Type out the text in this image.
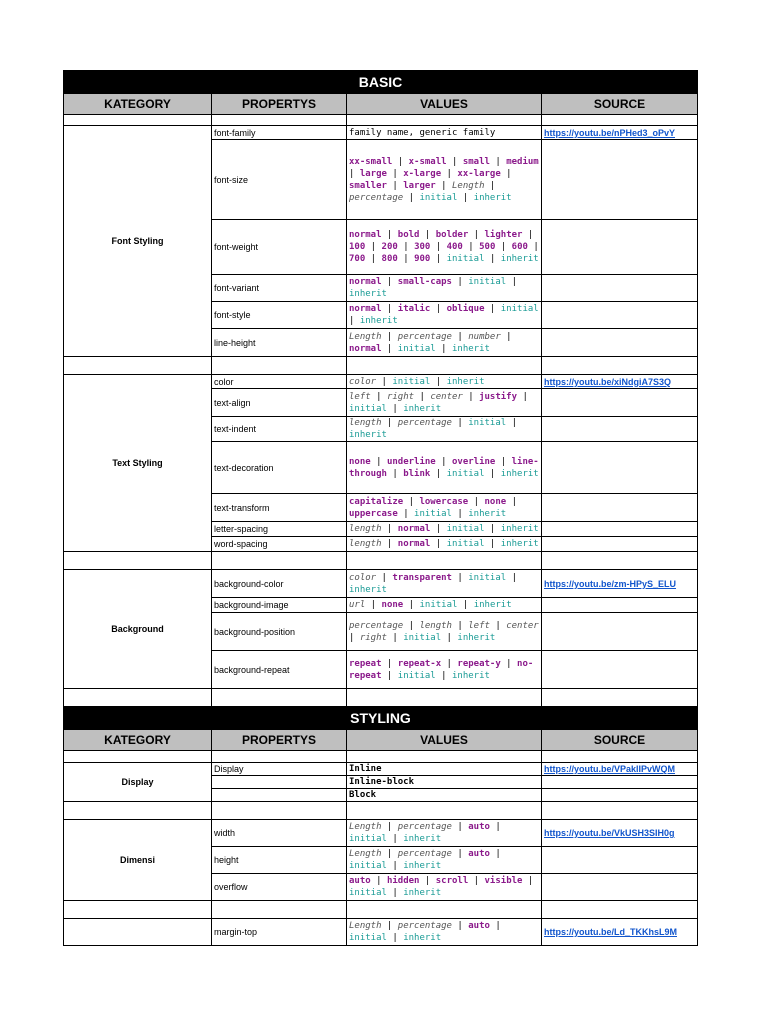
BASIC			
KATEGORY	PROPERTYS	VALUES	SOURCE

Font Styling	font-family	family name, generic family	https://youtu.be/nPHed3_oPvY
	font-size	xx-small | x-small | small | medium | large | x-large | xx-large | smaller | larger | Length | percentage | initial | inherit	
	font-weight	normal | bold | bolder | lighter | 100 | 200 | 300 | 400 | 500 | 600 | 700 | 800 | 900 | initial | inherit	
	font-variant	normal | small-caps | initial | inherit	
	font-style	normal | italic | oblique | initial | inherit	
	line-height	Length | percentage | number | normal | initial | inherit	

Text Styling	color	color | initial | inherit	https://youtu.be/xiNdgiA7S3Q
	text-align	left | right | center | justify | initial | inherit	
	text-indent	length | percentage | initial | inherit	
	text-decoration	none | underline | overline | line-through | blink | initial | inherit	
	text-transform	capitalize | lowercase | none | uppercase | initial | inherit	
	letter-spacing	length | normal | initial | inherit	
	word-spacing	length | normal | initial | inherit	

Background	background-color	color | transparent | initial | inherit	https://youtu.be/zm-HPyS_ELU
	background-image	url | none | initial | inherit	
	background-position	percentage | length | left | center | right | initial | inherit	
	background-repeat	repeat | repeat-x | repeat-y | no-repeat | initial | inherit	

STYLING			
KATEGORY	PROPERTYS	VALUES	SOURCE

Display	Display	Inline	https://youtu.be/VPaklIPvWQM
		Inline-block	
		Block	

Dimensi	width	Length | percentage | auto | initial | inherit	https://youtu.be/VkUSH3SIH0g
	height	Length | percentage | auto | initial | inherit	
	overflow	auto | hidden | scroll | visible | initial | inherit	

	margin-top	Length | percentage | auto | initial | inherit	https://youtu.be/Ld_TKKhsL9M
